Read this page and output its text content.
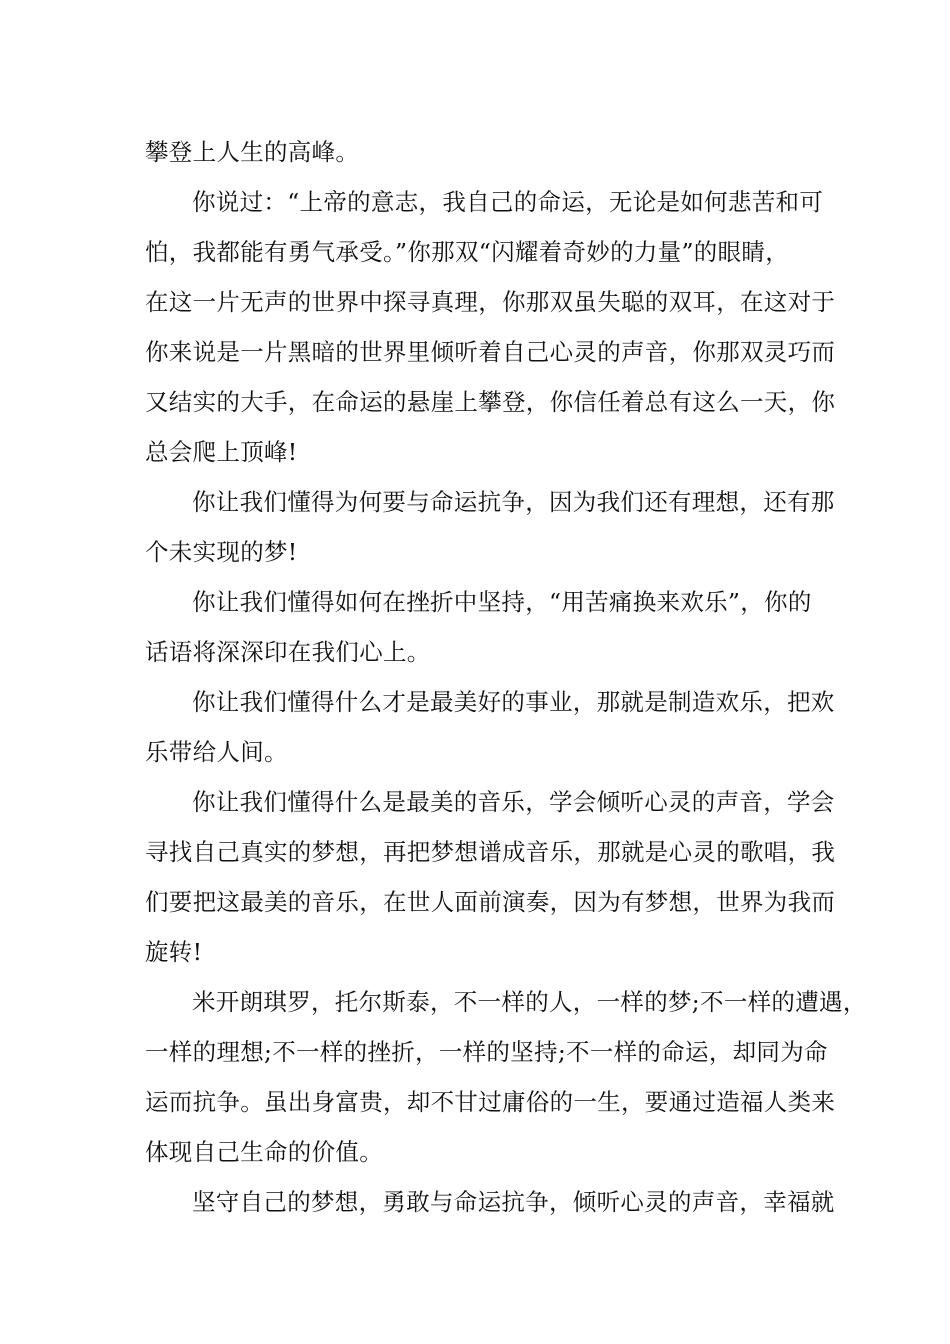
攀登上人生的高峰。
你说过：“上帝的意志，我自己的命运，无论是如何悲苦和可
怕，我都能有勇气承受。”你那双“闪耀着奇妙的力量”的眼睛，
在这一片无声的世界中探寻真理，你那双虽失聪的双耳，在这对于
你来说是一片黑暗的世界里倾听着自己心灵的声音，你那双灵巧而
又结实的大手，在命运的悬崖上攀登，你信任着总有这么一天，你
总会爬上顶峰!
你让我们懂得为何要与命运抗争，因为我们还有理想，还有那
个未实现的梦!
你让我们懂得如何在挫折中坚持，“用苦痛换来欢乐”，你的
话语将深深印在我们心上。
你让我们懂得什么才是最美好的事业，那就是制造欢乐，把欢
乐带给人间。
你让我们懂得什么是最美的音乐，学会倾听心灵的声音，学会
寻找自己真实的梦想，再把梦想谱成音乐，那就是心灵的歌唱，我
们要把这最美的音乐，在世人面前演奏，因为有梦想，世界为我而
旋转!
米开朗琪罗，托尔斯泰，不一样的人，一样的梦;不一样的遭遇，
一样的理想;不一样的挫折，一样的坚持;不一样的命运，却同为命
运而抗争。虽出身富贵，却不甘过庸俗的一生，要通过造福人类来
体现自己生命的价值。
坚守自己的梦想，勇敢与命运抗争，倾听心灵的声音，幸福就
